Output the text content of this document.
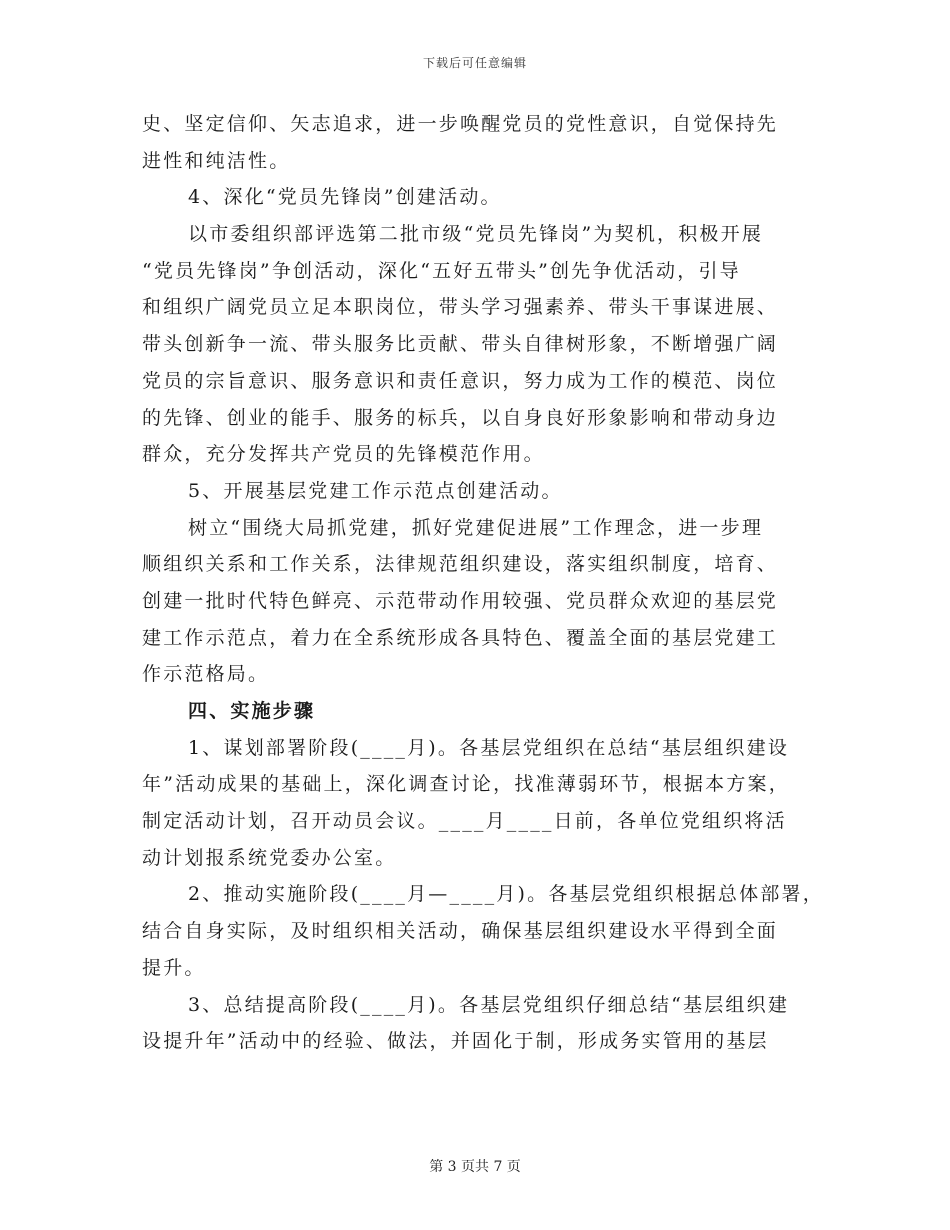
下载后可任意编辑
史、坚定信仰、矢志追求，进一步唤醒党员的党性意识，自觉保持先
进性和纯洁性。
4、深化“党员先锋岗”创建活动。
以市委组织部评选第二批市级“党员先锋岗”为契机，积极开展
“党员先锋岗”争创活动，深化“五好五带头”创先争优活动，引导
和组织广阔党员立足本职岗位，带头学习强素养、带头干事谋进展、
带头创新争一流、带头服务比贡献、带头自律树形象，不断增强广阔
党员的宗旨意识、服务意识和责任意识，努力成为工作的模范、岗位
的先锋、创业的能手、服务的标兵，以自身良好形象影响和带动身边
群众，充分发挥共产党员的先锋模范作用。
5、开展基层党建工作示范点创建活动。
树立“围绕大局抓党建，抓好党建促进展”工作理念，进一步理
顺组织关系和工作关系，法律规范组织建设，落实组织制度，培育、
创建一批时代特色鲜亮、示范带动作用较强、党员群众欢迎的基层党
建工作示范点，着力在全系统形成各具特色、覆盖全面的基层党建工
作示范格局。
四、实施步骤
1、谋划部署阶段(____月)。各基层党组织在总结“基层组织建设
年”活动成果的基础上，深化调查讨论，找准薄弱环节，根据本方案，
制定活动计划，召开动员会议。____月____日前，各单位党组织将活
动计划报系统党委办公室。
2、推动实施阶段(____月—____月)。各基层党组织根据总体部署，
结合自身实际，及时组织相关活动，确保基层组织建设水平得到全面
提升。
3、总结提高阶段(____月)。各基层党组织仔细总结“基层组织建
设提升年”活动中的经验、做法，并固化于制，形成务实管用的基层
第 3 页共 7 页
